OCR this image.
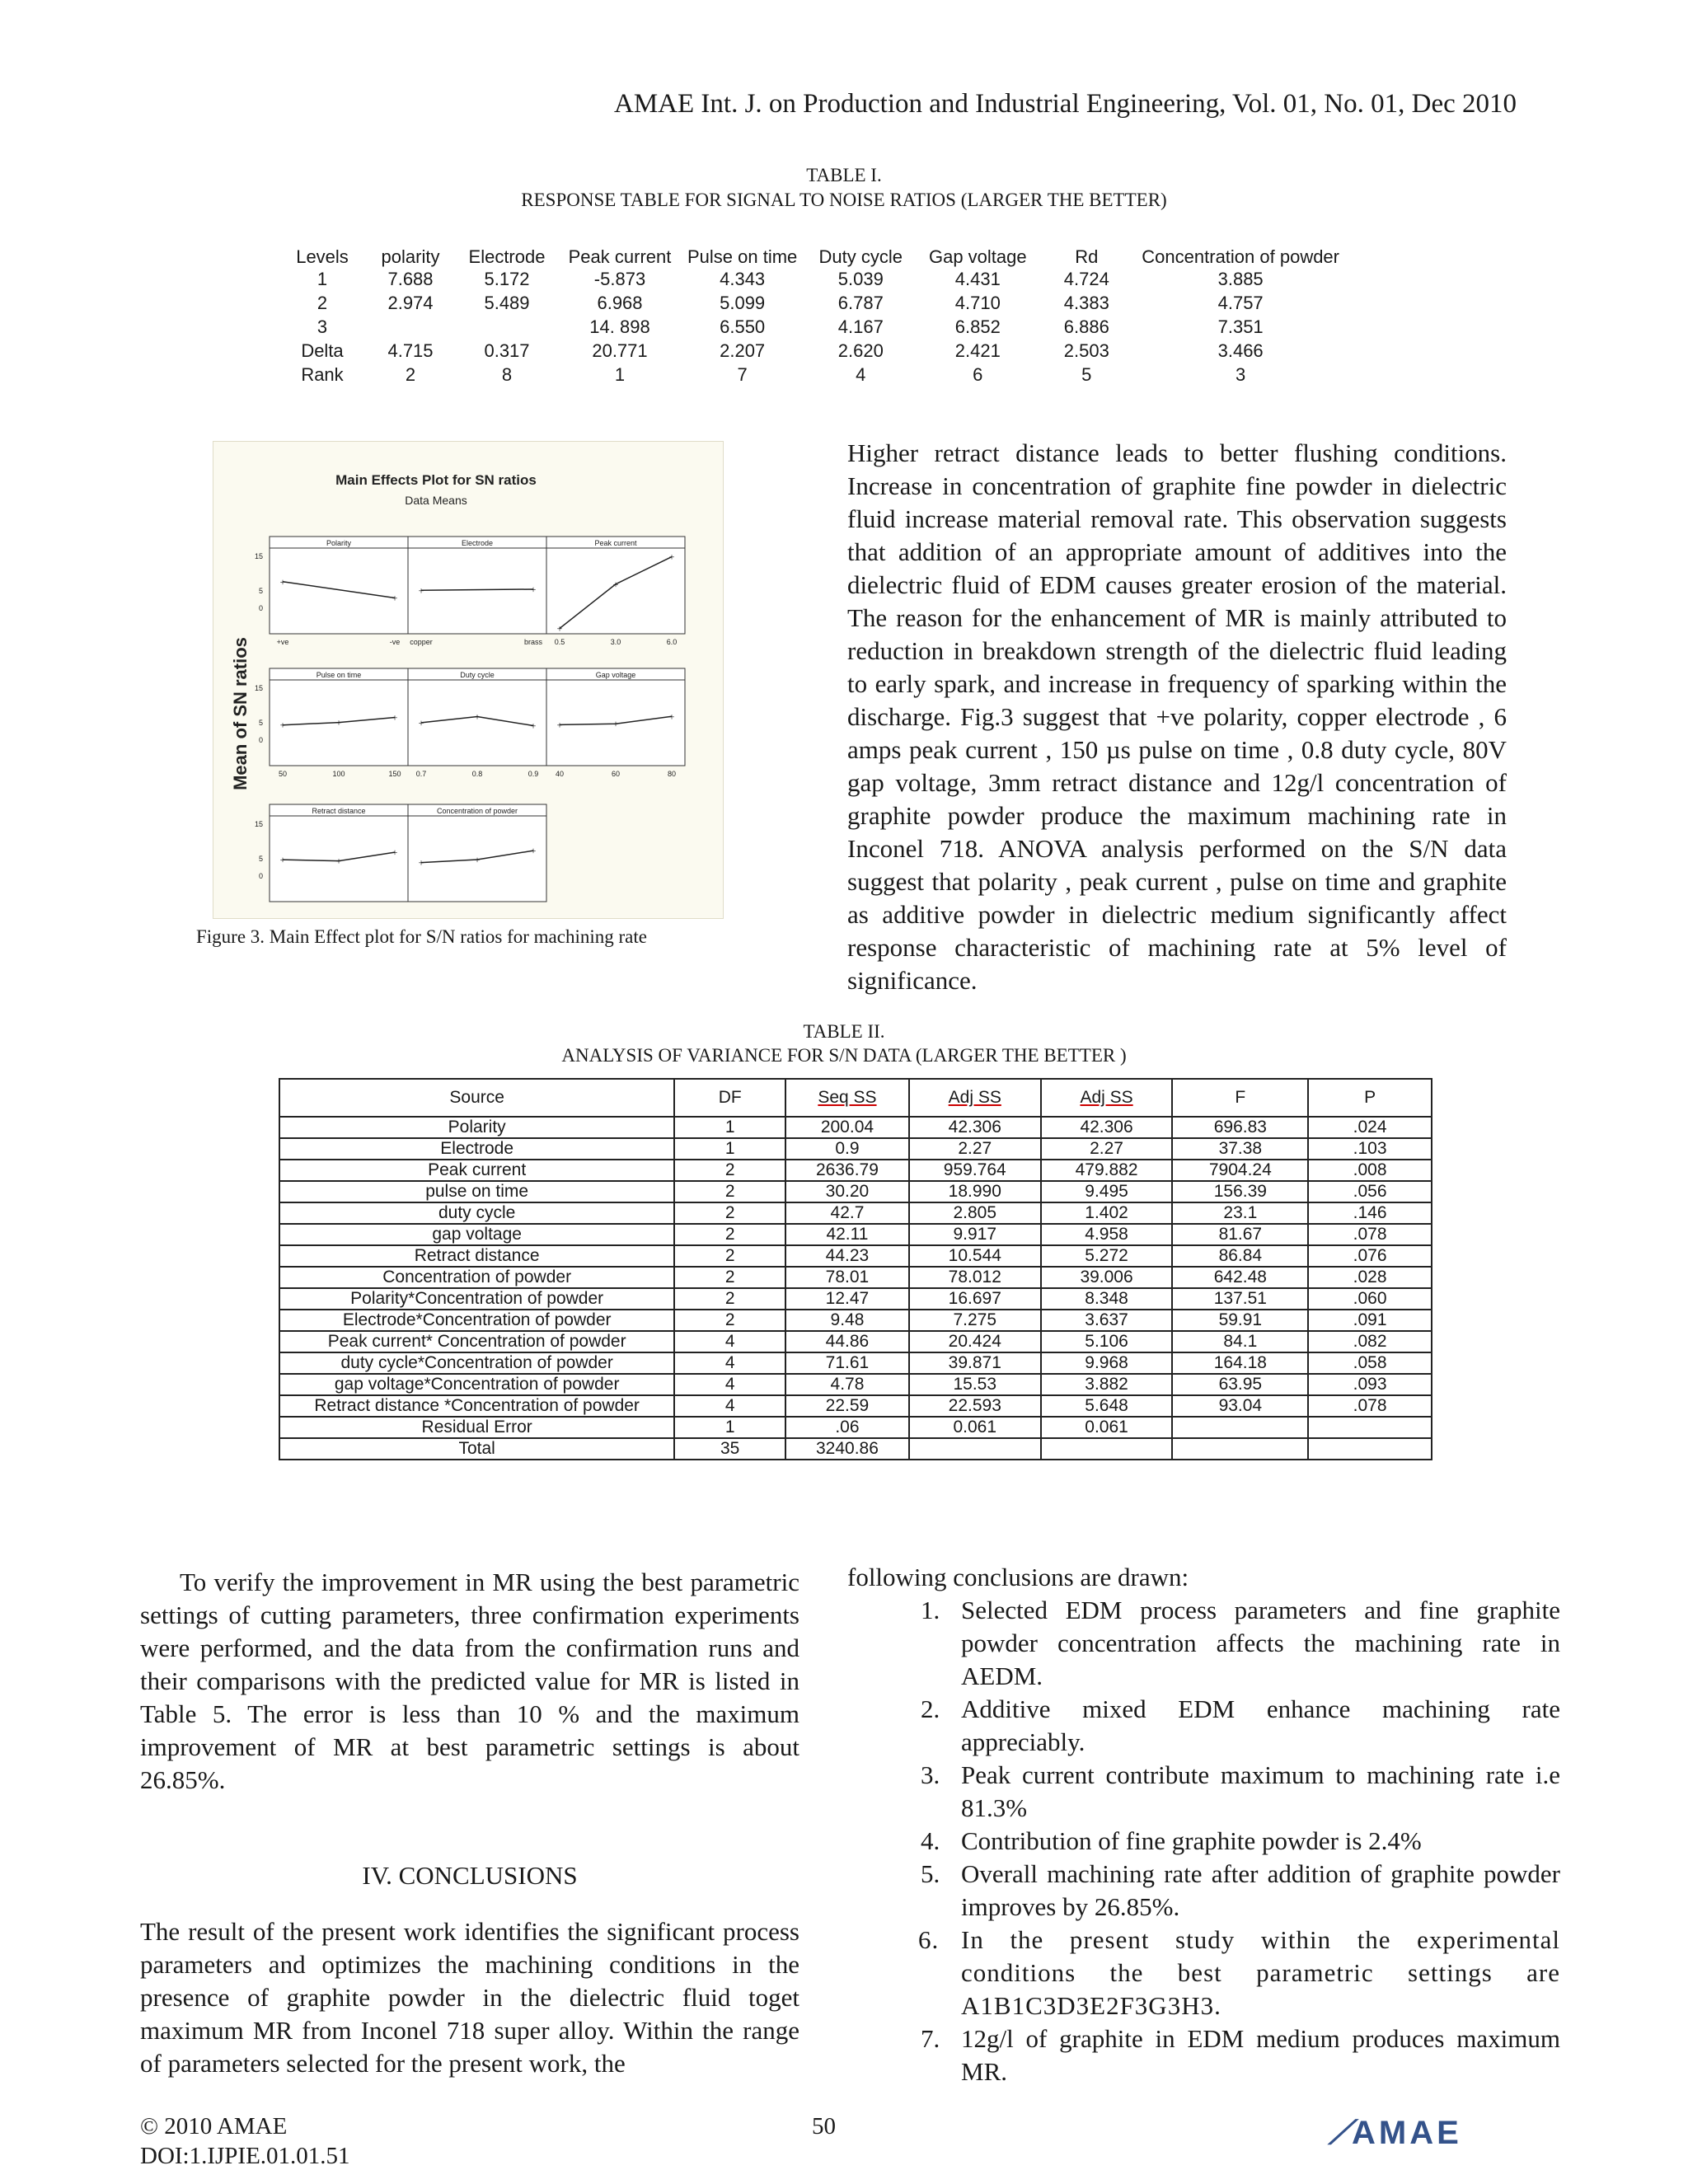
AMAE Int. J. on Production and Industrial Engineering, Vol. 01, No. 01, Dec 2010
TABLE I.
RESPONSE TABLE FOR SIGNAL TO NOISE RATIOS (LARGER THE BETTER)
Levels	polarity	Electrode	Peak current	Pulse on time	Duty cycle	Gap voltage	Rd	Concentration of powder
1	7.688	5.172	-5.873	4.343	5.039	4.431	4.724	3.885
2	2.974	5.489	6.968	5.099	6.787	4.710	4.383	4.757
3			14. 898	6.550	4.167	6.852	6.886	7.351
Delta	4.715	0.317	20.771	2.207	2.620	2.421	2.503	3.466
Rank	2	8	1	7	4	6	5	3
Main Effects Plot for SN ratios
Data Means
Mean of SN ratios
Polarity
+
+
+ve	-ve
15
5
0
Electrode
+	+
copper	brass
Peak current
+
+
+
0.5	3.0	6.0
Pulse on time
+	+	+
50	100	150
15
5
0
Duty cycle
+
+
+
0.7	0.8	0.9
Gap voltage
+	+
+
40	60	80
Retract distance
+	+
+
15
5
0
Concentration of powder
+	+
+
Figure 3. Main Effect plot for S/N ratios for machining rate
Higher retract distance leads to better flushing conditions. Increase in concentration of graphite fine powder in dielectric fluid increase material removal rate. This observation suggests that addition of an appropriate amount of additives into the dielectric fluid of EDM causes greater erosion of the material. The reason for the enhancement of MR is mainly attributed to reduction in breakdown strength of the dielectric fluid leading to early spark, and increase in frequency of sparking within the discharge. Fig.3 suggest that +ve polarity, copper electrode , 6 amps peak current , 150 µs pulse on time , 0.8 duty cycle, 80V gap voltage, 3mm retract distance and 12g/l concentration of graphite powder produce the maximum machining rate in Inconel 718. ANOVA analysis performed on the S/N data suggest that polarity , peak current , pulse on time and graphite as additive powder in dielectric medium significantly affect response characteristic of machining rate at 5% level of significance.
TABLE II.
ANALYSIS OF VARIANCE FOR S/N DATA (LARGER THE BETTER )
Source	DF	Seq SS	Adj SS	Adj SS	F	P
Polarity	1	200.04	42.306	42.306	696.83	.024
Electrode	1	0.9	2.27	2.27	37.38	.103
Peak current	2	2636.79	959.764	479.882	7904.24	.008
pulse on time	2	30.20	18.990	9.495	156.39	.056
duty cycle	2	42.7	2.805	1.402	23.1	.146
gap voltage	2	42.11	9.917	4.958	81.67	.078
Retract distance	2	44.23	10.544	5.272	86.84	.076
Concentration of powder	2	78.01	78.012	39.006	642.48	.028
Polarity*Concentration of powder	2	12.47	16.697	8.348	137.51	.060
Electrode*Concentration of powder	2	9.48	7.275	3.637	59.91	.091
Peak current* Concentration of powder	4	44.86	20.424	5.106	84.1	.082
duty cycle*Concentration of powder	4	71.61	39.871	9.968	164.18	.058
gap voltage*Concentration of powder	4	4.78	15.53	3.882	63.95	.093
Retract distance *Concentration of powder	4	22.59	22.593	5.648	93.04	.078
Residual Error	1	.06	0.061	0.061		
Total	35	3240.86				
To verify the improvement in MR using the best parametric settings of cutting parameters, three confirmation experiments were performed, and the data from the confirmation runs and their comparisons with the predicted value for MR is listed in Table 5. The error is less than 10 % and the maximum improvement of MR at best parametric settings is about 26.85%.
IV. CONCLUSIONS
The result of the present work identifies the significant process parameters and optimizes the machining conditions in the presence of graphite powder in the dielectric fluid toget maximum MR from Inconel 718 super alloy. Within the range of parameters selected for the present work, the
following conclusions are drawn:
1. Selected EDM process parameters and fine graphite powder concentration affects the machining rate in AEDM.
2. Additive mixed EDM enhance machining rate appreciably.
3. Peak current contribute maximum to machining rate i.e 81.3%
4. Contribution of fine graphite powder is 2.4%
5. Overall machining rate after addition of graphite powder improves by 26.85%.
6. In the present study within the experimental conditions the best parametric settings are A1B1C3D3E2F3G3H3.
7. 12g/l of graphite in EDM medium produces maximum MR.
© 2010 AMAE
DOI:1.IJPIE.01.01.51
50	⟋AMAE
